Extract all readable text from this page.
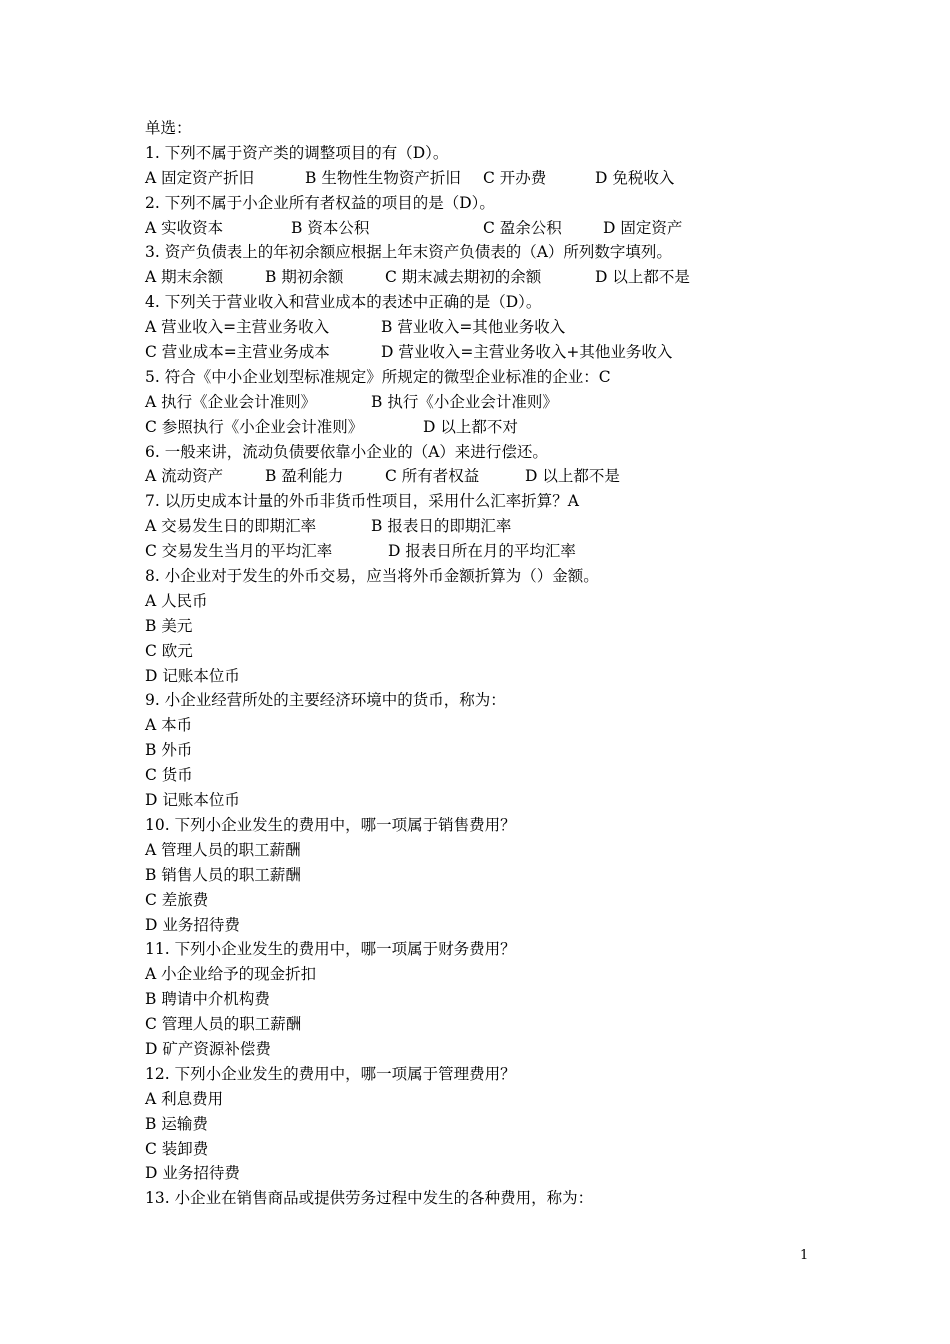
单选：
1. 下列不属于资产类的调整项目的有（D）。
A 固定资产折旧	B 生物性生物资产折旧 C 开办费	D 免税收入
2. 下列不属于小企业所有者权益的项目的是（D）。
A 实收资本	B 资本公积	C 盈余公积	D 固定资产
3. 资产负债表上的年初余额应根据上年末资产负债表的（A）所列数字填列。
A 期末余额	B 期初余额	C 期末减去期初的余额	D 以上都不是
4. 下列关于营业收入和营业成本的表述中正确的是（D）。
A 营业收入=主营业务收入	B 营业收入=其他业务收入
C 营业成本=主营业务成本	D 营业收入=主营业务收入+其他业务收入
5. 符合《中小企业划型标准规定》所规定的微型企业标准的企业：C
A 执行《企业会计准则》	B 执行《小企业会计准则》
C 参照执行《小企业会计准则》	D 以上都不对
6. 一般来讲，流动负债要依靠小企业的（A）来进行偿还。
A 流动资产	B 盈利能力	C 所有者权益	D 以上都不是
7. 以历史成本计量的外币非货币性项目，采用什么汇率折算？A
A 交易发生日的即期汇率	B 报表日的即期汇率
C 交易发生当月的平均汇率	D 报表日所在月的平均汇率
8. 小企业对于发生的外币交易，应当将外币金额折算为（）金额。
A 人民币
B 美元
C 欧元
D 记账本位币
9. 小企业经营所处的主要经济环境中的货币，称为：
A 本币
B 外币
C 货币
D 记账本位币
10. 下列小企业发生的费用中，哪一项属于销售费用？
A 管理人员的职工薪酬
B 销售人员的职工薪酬
C 差旅费
D 业务招待费
11. 下列小企业发生的费用中，哪一项属于财务费用？
A 小企业给予的现金折扣
B 聘请中介机构费
C 管理人员的职工薪酬
D 矿产资源补偿费
12. 下列小企业发生的费用中，哪一项属于管理费用？
A 利息费用
B 运输费
C 装卸费
D 业务招待费
13. 小企业在销售商品或提供劳务过程中发生的各种费用，称为：
1
